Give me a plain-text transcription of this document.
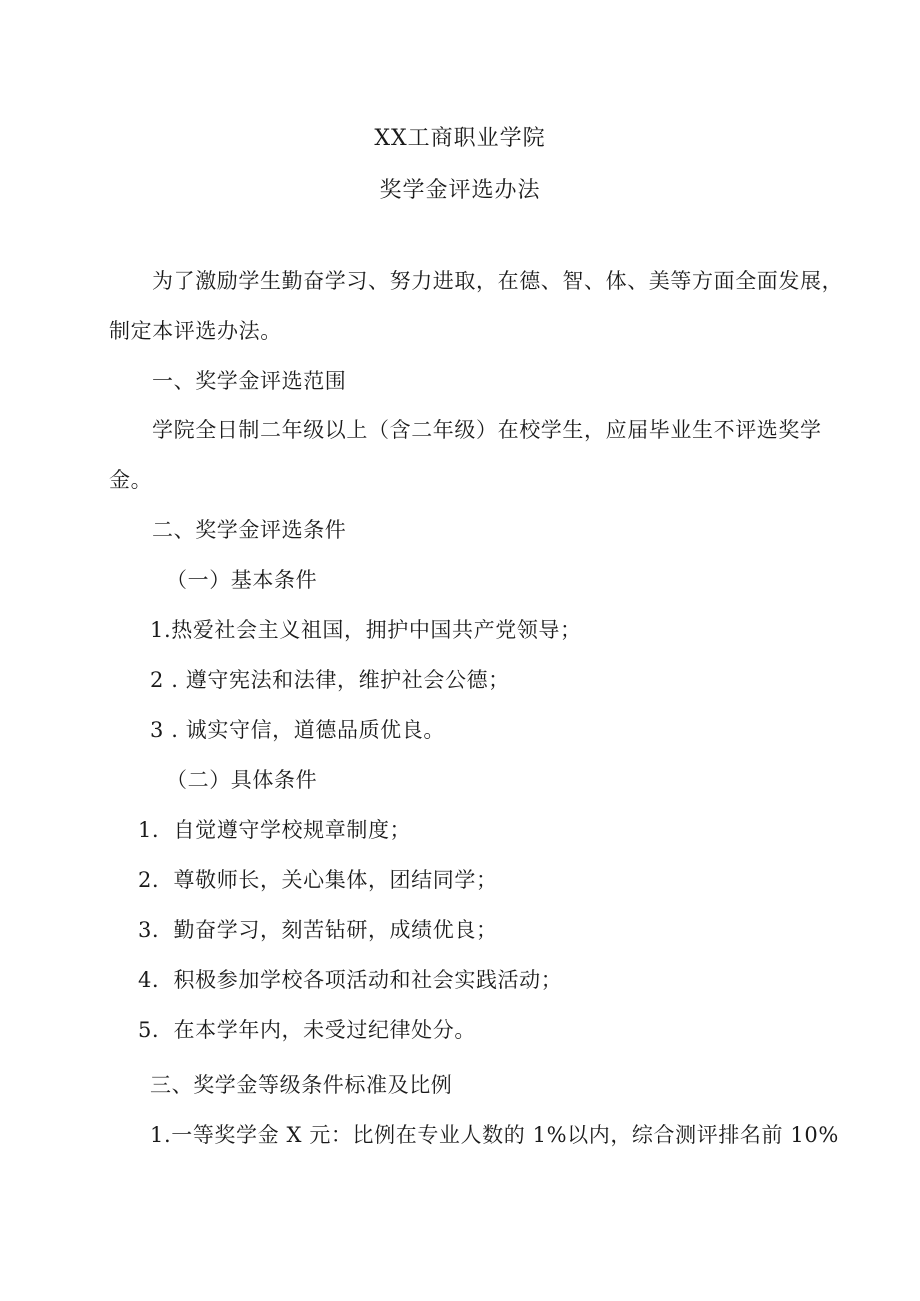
XX工商职业学院
奖学金评选办法
为了激励学生勤奋学习、努力进取，在德、智、体、美等方面全面发展，
制定本评选办法。
一、奖学金评选范围
学院全日制二年级以上（含二年级）在校学生，应届毕业生不评选奖学
金。
二、奖学金评选条件
（一）基本条件
1.热爱社会主义祖国，拥护中国共产党领导；
2 . 遵守宪法和法律，维护社会公德；
3 . 诚实守信，道德品质优良。
（二）具体条件
1．自觉遵守学校规章制度；
2．尊敬师长，关心集体，团结同学；
3．勤奋学习，刻苦钻研，成绩优良；
4．积极参加学校各项活动和社会实践活动；
5．在本学年内，未受过纪律处分。
三、奖学金等级条件标准及比例
1.一等奖学金 X 元：比例在专业人数的 1%以内，综合测评排名前 10%
